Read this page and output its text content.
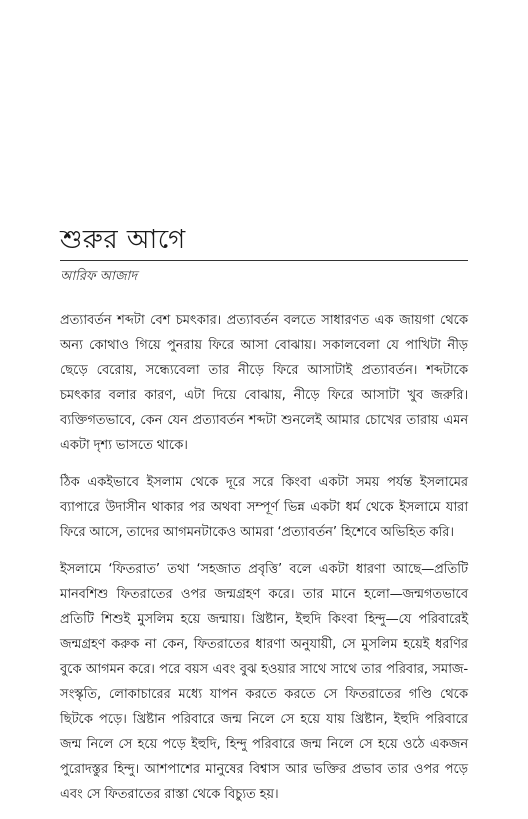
শুরুর আগে
আরিফ আজাদ

প্রত্যাবর্তন শব্দটা বেশ চমৎকার। প্রত্যাবর্তন বলতে সাধারণত এক জায়গা থেকে অন্য কোথাও গিয়ে পুনরায় ফিরে আসা বোঝায়। সকালবেলা যে পাখিটা নীড় ছেড়ে বেরোয়, সন্ধ্যেবেলা তার নীড়ে ফিরে আসাটাই প্রত্যাবর্তন। শব্দটাকে চমৎকার বলার কারণ, এটা দিয়ে বোঝায়, নীড়ে ফিরে আসাটা খুব জরুরি। ব্যক্তিগতভাবে, কেন যেন প্রত্যাবর্তন শব্দটা শুনলেই আমার চোখের তারায় এমন একটা দৃশ্য ভাসতে থাকে।

ঠিক একইভাবে ইসলাম থেকে দূরে সরে কিংবা একটা সময় পর্যন্ত ইসলামের ব্যাপারে উদাসীন থাকার পর অথবা সম্পূর্ণ ভিন্ন একটা ধর্ম থেকে ইসলামে যারা ফিরে আসে, তাদের আগমনটাকেও আমরা ‘প্রত্যাবর্তন’ হিশেবে অভিহিত করি।

ইসলামে ‘ফিতরাত’ তথা ‘সহজাত প্রবৃত্তি’ বলে একটা ধারণা আছে—প্রতিটি মানবশিশু ফিতরাতের ওপর জন্মগ্রহণ করে। তার মানে হলো—জন্মগতভাবে প্রতিটি শিশুই মুসলিম হয়ে জন্মায়। খ্রিষ্টান, ইহুদি কিংবা হিন্দু—যে পরিবারেই জন্মগ্রহণ করুক না কেন, ফিতরাতের ধারণা অনুযায়ী, সে মুসলিম হয়েই ধরণির বুকে আগমন করে। পরে বয়স এবং বুঝ হওয়ার সাথে সাথে তার পরিবার, সমাজ-সংস্কৃতি, লোকাচারের মধ্যে যাপন করতে করতে সে ফিতরাতের গণ্ডি থেকে ছিটকে পড়ে। খ্রিষ্টান পরিবারে জন্ম নিলে সে হয়ে যায় খ্রিষ্টান, ইহুদি পরিবারে জন্ম নিলে সে হয়ে পড়ে ইহুদি, হিন্দু পরিবারে জন্ম নিলে সে হয়ে ওঠে একজন পুরোদস্তুর হিন্দু। আশপাশের মানুষের বিশ্বাস আর ভক্তির প্রভাব তার ওপর পড়ে এবং সে ফিতরাতের রাস্তা থেকে বিচ্যুত হয়।
